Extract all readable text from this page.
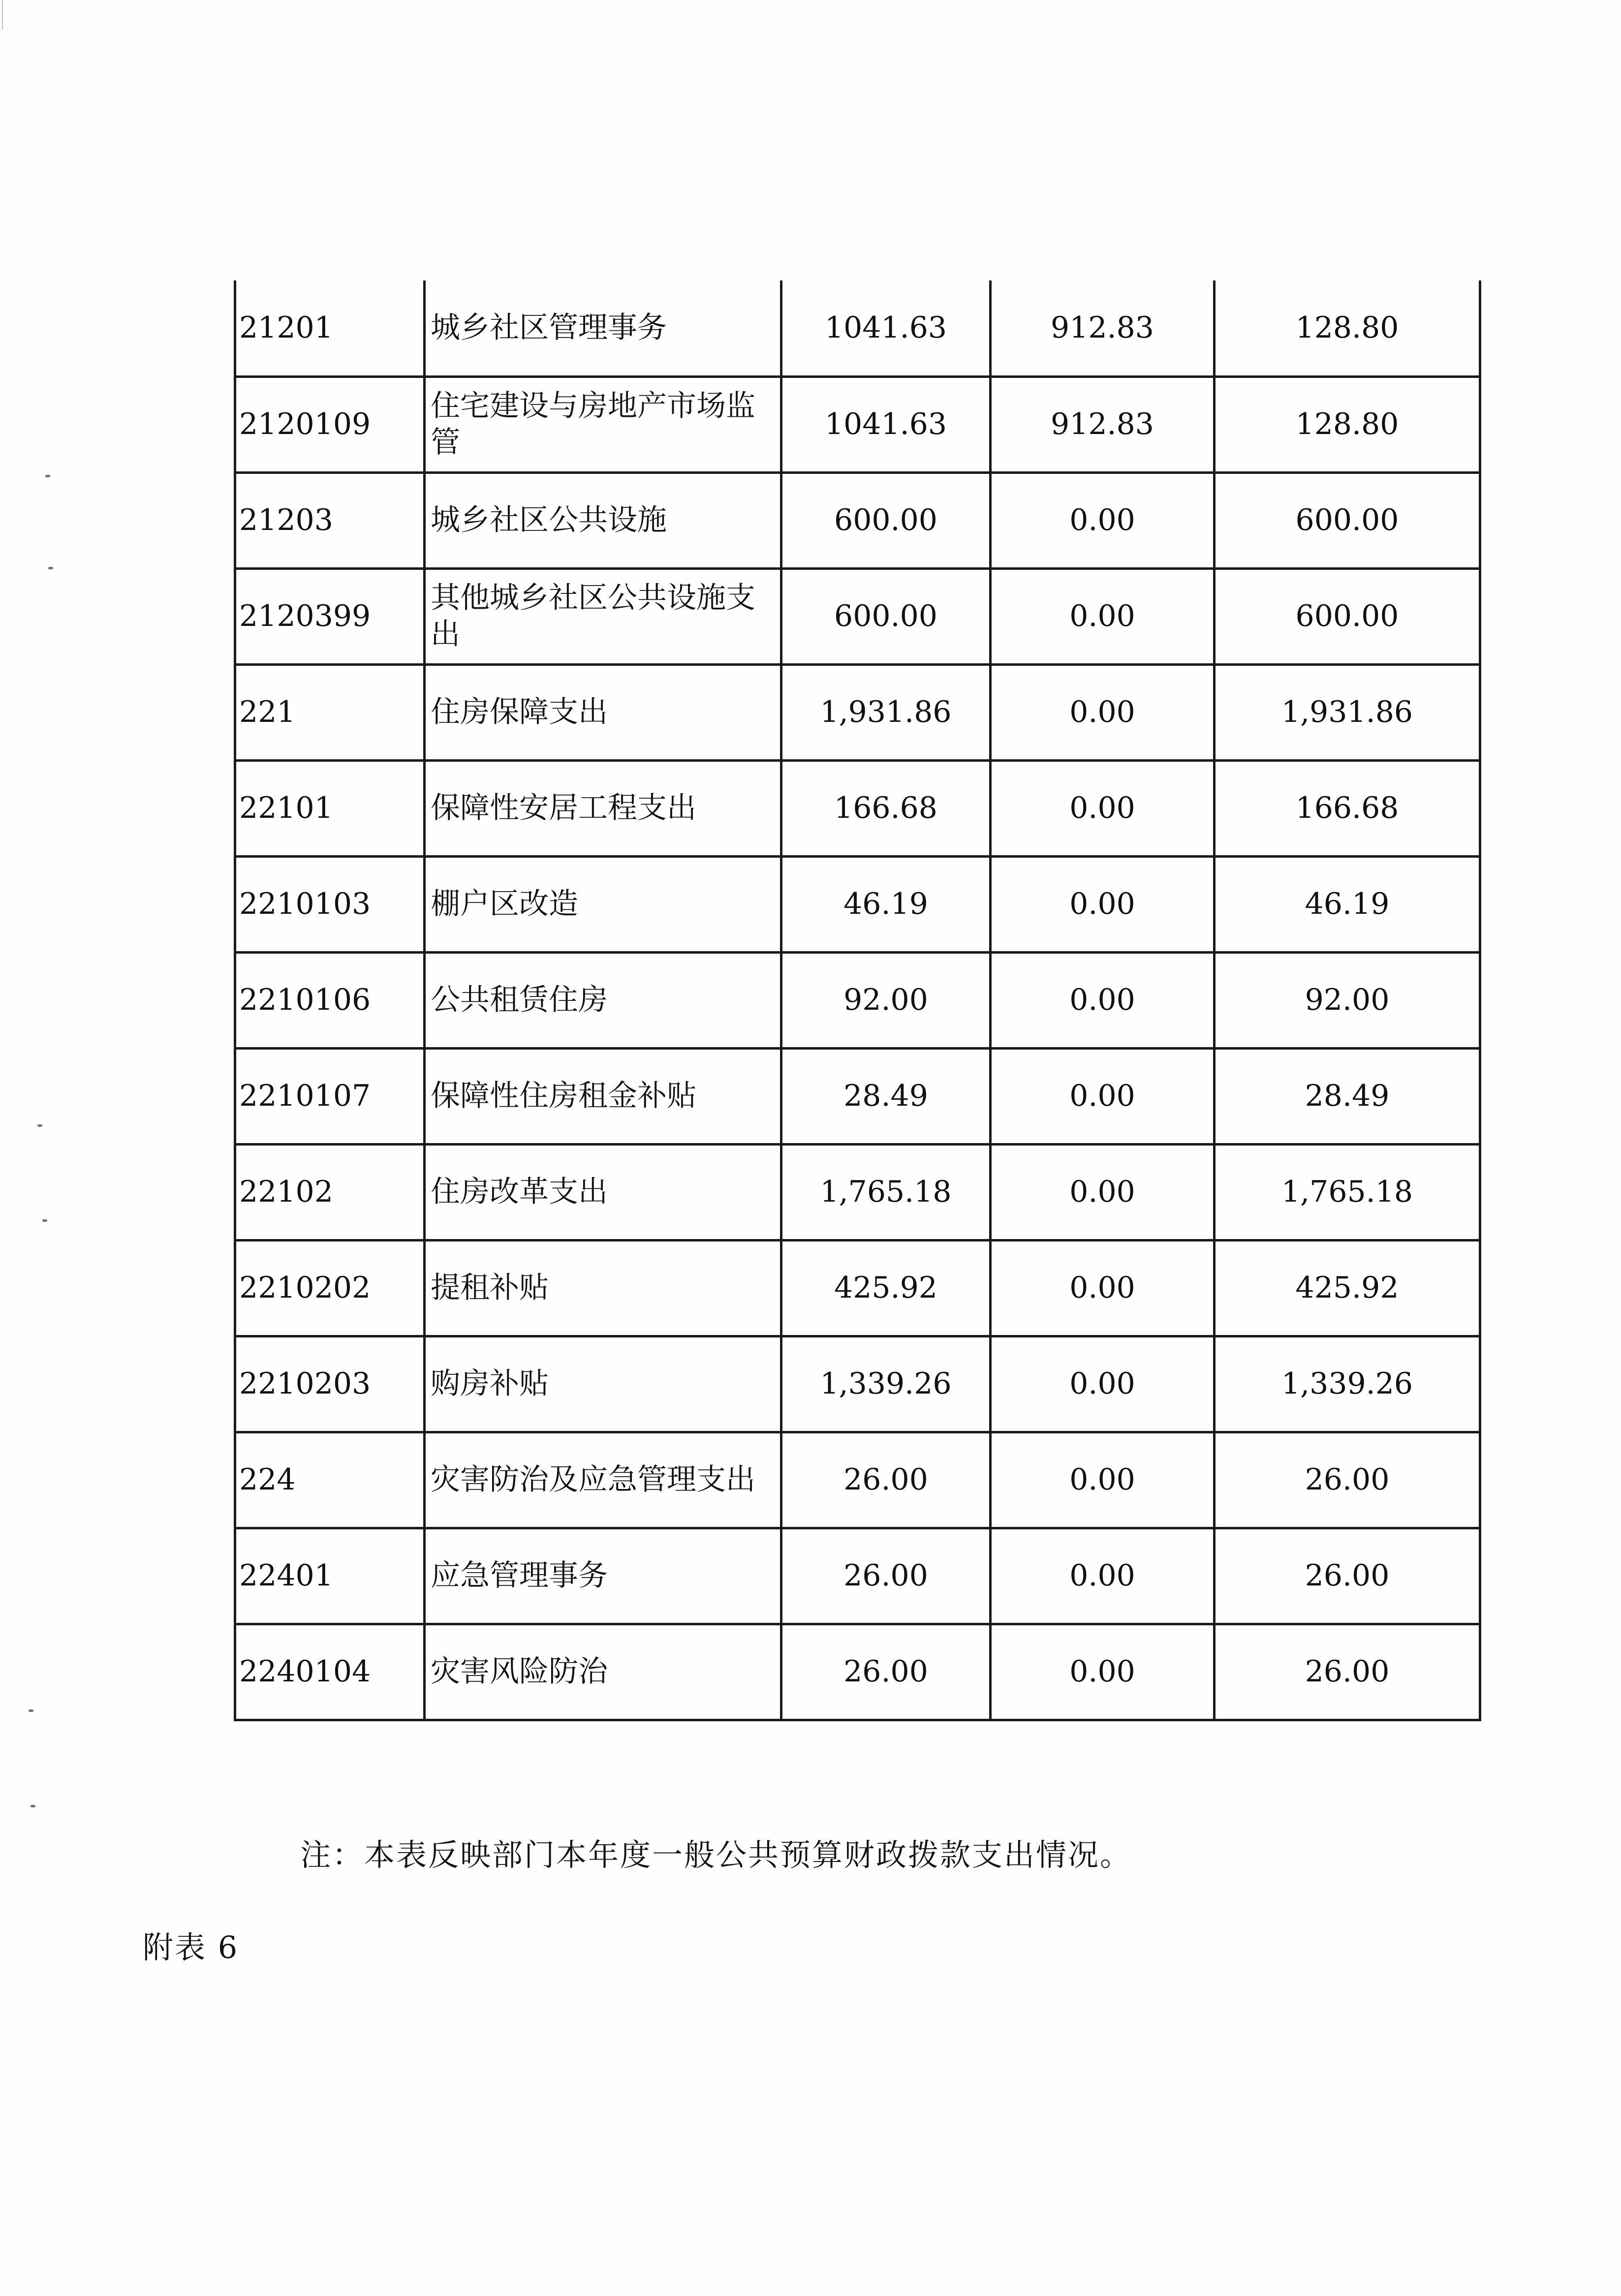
21201	城乡社区管理事务	1041.63	912.83	128.80
2120109	住宅建设与房地产市场监管	1041.63	912.83	128.80
21203	城乡社区公共设施	600.00	0.00	600.00
2120399	其他城乡社区公共设施支出	600.00	0.00	600.00
221	住房保障支出	1,931.86	0.00	1,931.86
22101	保障性安居工程支出	166.68	0.00	166.68
2210103	棚户区改造	46.19	0.00	46.19
2210106	公共租赁住房	92.00	0.00	92.00
2210107	保障性住房租金补贴	28.49	0.00	28.49
22102	住房改革支出	1,765.18	0.00	1,765.18
2210202	提租补贴	425.92	0.00	425.92
2210203	购房补贴	1,339.26	0.00	1,339.26
224	灾害防治及应急管理支出	26.00	0.00	26.00
22401	应急管理事务	26.00	0.00	26.00
2240104	灾害风险防治	26.00	0.00	26.00
注：本表反映部门本年度一般公共预算财政拨款支出情况。
附表 6
